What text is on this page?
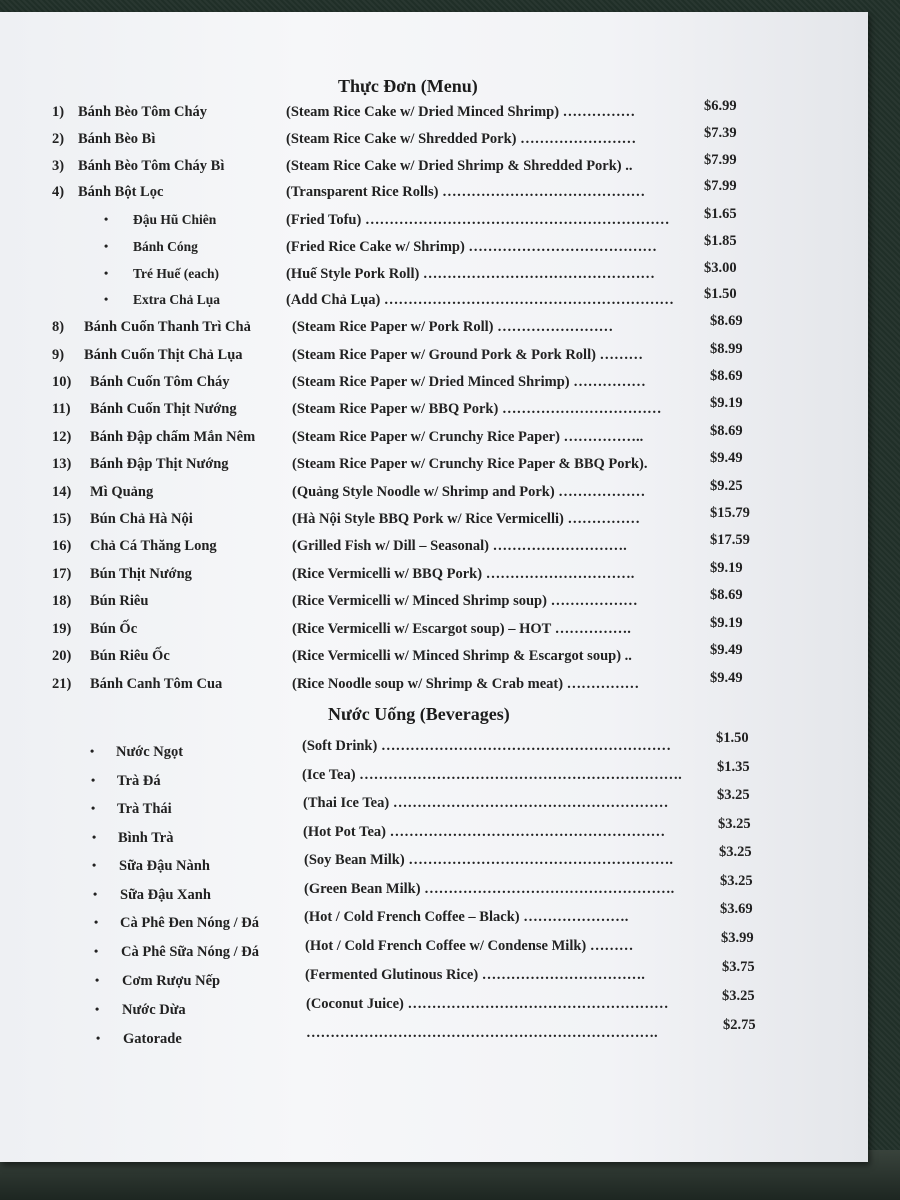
Thực Đơn (Menu)
1) Bánh Bèo Tôm Cháy	(Steam Rice Cake w/ Dried Minced Shrimp) ……………	$6.99
2) Bánh Bèo Bì	(Steam Rice Cake w/ Shredded Pork) ……………………	$7.39
3) Bánh Bèo Tôm Cháy Bì	(Steam Rice Cake w/ Dried Shrimp & Shredded Pork) ..	$7.99
4) Bánh Bột Lọc	(Transparent Rice Rolls) ……………………………………	$7.99
• Đậu Hũ Chiên	(Fried Tofu) ……………………………………………………… $1.65
• Bánh Cóng	(Fried Rice Cake w/ Shrimp) …………………………………	$1.85
• Tré Huế (each)	(Huế Style Pork Roll) …………………………………………	$3.00
• Extra Chả Lụa	(Add Chả Lụa) …………………………………………………… $1.50
8)	Bánh Cuốn Thanh Trì Chả	(Steam Rice Paper w/ Pork Roll) ……………………	$8.69
9)	Bánh Cuốn Thịt Chả Lụa	(Steam Rice Paper w/ Ground Pork & Pork Roll) ………	$8.99
10)	Bánh Cuốn Tôm Cháy	(Steam Rice Paper w/ Dried Minced Shrimp) ……………	$8.69
11)	Bánh Cuốn Thịt Nướng	(Steam Rice Paper w/ BBQ Pork) ……………………………	$9.19
12)	Bánh Đập chấm Mắn Nêm	(Steam Rice Paper w/ Crunchy Rice Paper) ……………..	$8.69
13)	Bánh Đập Thịt Nướng	(Steam Rice Paper w/ Crunchy Rice Paper & BBQ Pork).	$9.49
14)	Mì Quảng	(Quảng Style Noodle w/ Shrimp and Pork) ………………	$9.25
15)	Bún Chả Hà Nội	(Hà Nội Style BBQ Pork w/ Rice Vermicelli) ……………	$15.79
16)	Chả Cá Thăng Long	(Grilled Fish w/ Dill – Seasonal) ……………………….	$17.59
17)	Bún Thịt Nướng	(Rice Vermicelli w/ BBQ Pork) ………………………….	$9.19
18)	Bún Riêu	(Rice Vermicelli w/ Minced Shrimp soup) ………………	$8.69
19)	Bún Ốc	(Rice Vermicelli w/ Escargot soup) – HOT …………….	$9.19
20)	Bún Riêu Ốc	(Rice Vermicelli w/ Minced Shrimp & Escargot soup) ..	$9.49
21)	Bánh Canh Tôm Cua	(Rice Noodle soup w/ Shrimp & Crab meat) ……………	$9.49
Nước Uống (Beverages)
• Nước Ngọt	(Soft Drink) ……………………………………………………	$1.50
• Trà Đá	(Ice Tea) …………………………………………………………. $1.35
• Trà Thái	(Thai Ice Tea) …………………………………………………	$3.25
• Bình Trà	(Hot Pot Tea) …………………………………………………	$3.25
• Sữa Đậu Nành	(Soy Bean Milk) ……………………………………………….	$3.25
• Sữa Đậu Xanh	(Green Bean Milk) …………………………………………….	$3.25
• Cà Phê Đen Nóng / Đá	(Hot / Cold French Coffee – Black) ………………….	$3.69
• Cà Phê Sữa Nóng / Đá	(Hot / Cold French Coffee w/ Condense Milk) ………	$3.99
• Cơm Rượu Nếp	(Fermented Glutinous Rice) …………………………….	$3.75
• Nước Dừa	(Coconut Juice) ………………………………………………	$3.25
• Gatorade	……………………………………………………………….	$2.75
